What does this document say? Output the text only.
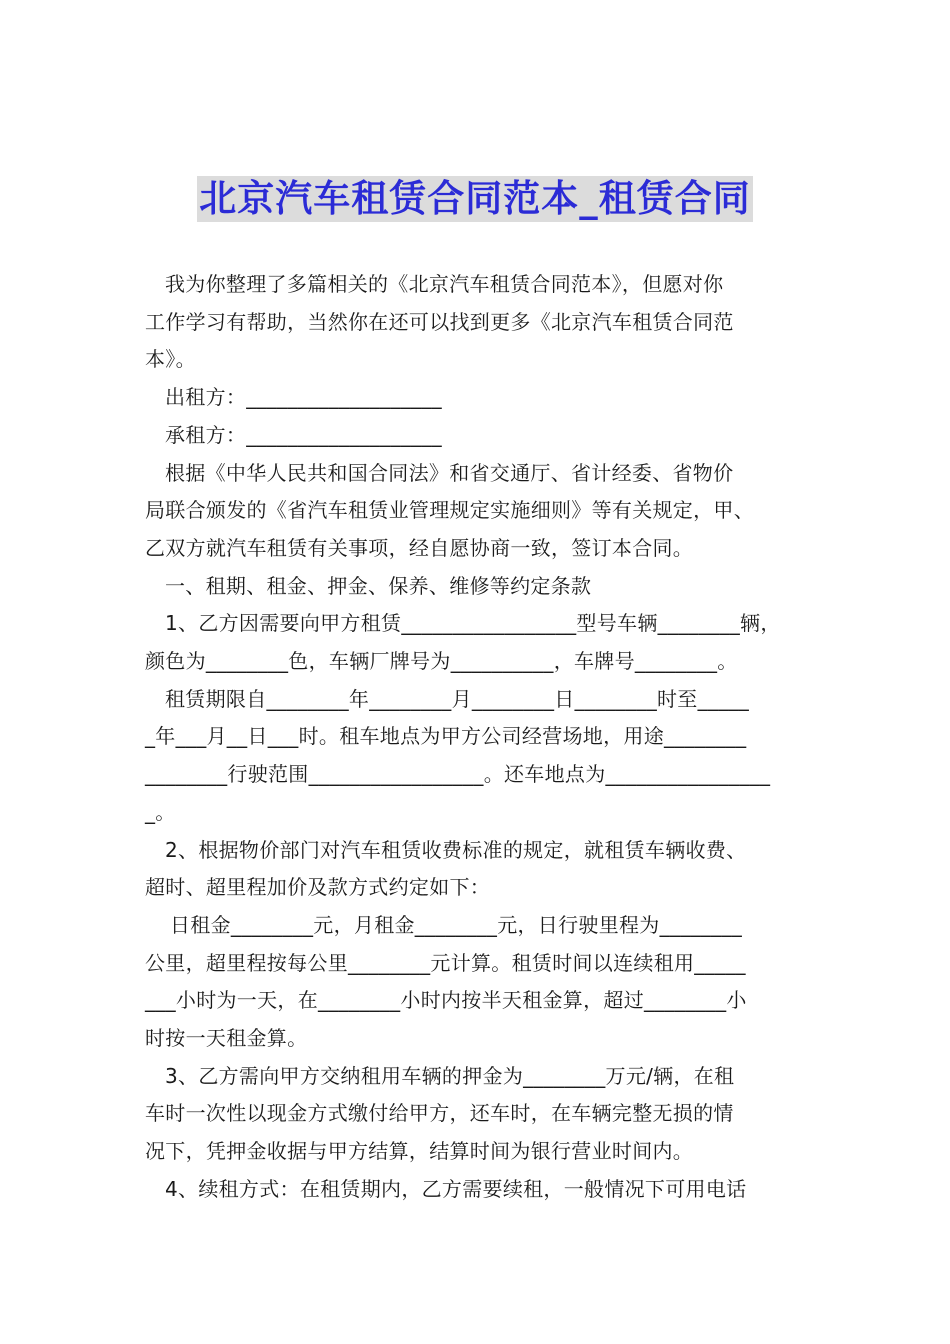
北京汽车租赁合同范本_租赁合同
我为你整理了多篇相关的《北京汽车租赁合同范本》，但愿对你
工作学习有帮助，当然你在还可以找到更多《北京汽车租赁合同范
本》。
出租方：___________________
承租方：___________________
根据《中华人民共和国合同法》和省交通厅、省计经委、省物价
局联合颁发的《省汽车租赁业管理规定实施细则》等有关规定，甲、
乙双方就汽车租赁有关事项，经自愿协商一致，签订本合同。
一、租期、租金、押金、保养、维修等约定条款
1、乙方因需要向甲方租赁_________________型号车辆________辆，
颜色为________色，车辆厂牌号为__________，车牌号________。
租赁期限自________年________月________日________时至_____
_年___月__日___时。租车地点为甲方公司经营场地，用途________
________行驶范围_________________。还车地点为________________
_。
2、根据物价部门对汽车租赁收费标准的规定，就租赁车辆收费、
超时、超里程加价及款方式约定如下：
日租金________元，月租金________元，日行驶里程为________
公里，超里程按每公里________元计算。租赁时间以连续租用_____
___小时为一天，在________小时内按半天租金算，超过________小
时按一天租金算。
3、乙方需向甲方交纳租用车辆的押金为________万元/辆，在租
车时一次性以现金方式缴付给甲方，还车时，在车辆完整无损的情
况下，凭押金收据与甲方结算，结算时间为银行营业时间内。
4、续租方式：在租赁期内，乙方需要续租，一般情况下可用电话
